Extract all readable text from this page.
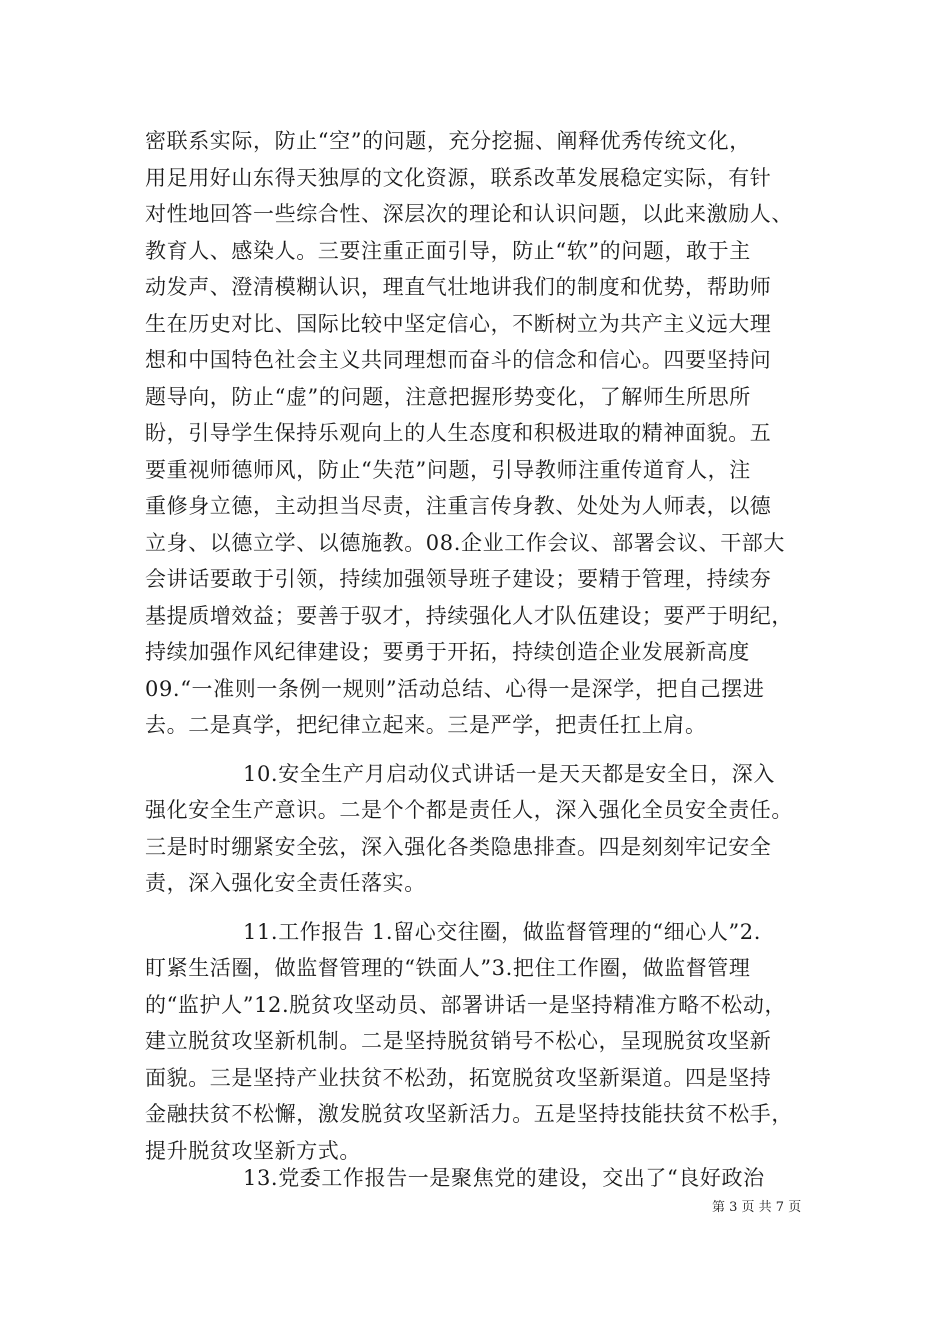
密联系实际，防止“空”的问题，充分挖掘、阐释优秀传统文化，
用足用好山东得天独厚的文化资源，联系改革发展稳定实际，有针
对性地回答一些综合性、深层次的理论和认识问题，以此来激励人、
教育人、感染人。三要注重正面引导，防止“软”的问题，敢于主
动发声、澄清模糊认识，理直气壮地讲我们的制度和优势，帮助师
生在历史对比、国际比较中坚定信心，不断树立为共产主义远大理
想和中国特色社会主义共同理想而奋斗的信念和信心。四要坚持问
题导向，防止“虚”的问题，注意把握形势变化，了解师生所思所
盼，引导学生保持乐观向上的人生态度和积极进取的精神面貌。五
要重视师德师风，防止“失范”问题，引导教师注重传道育人，注
重修身立德，主动担当尽责，注重言传身教、处处为人师表，以德
立身、以德立学、以德施教。08.企业工作会议、部署会议、干部大
会讲话要敢于引领，持续加强领导班子建设；要精于管理，持续夯
基提质增效益；要善于驭才，持续强化人才队伍建设；要严于明纪，
持续加强作风纪律建设；要勇于开拓，持续创造企业发展新高度
09.“一准则一条例一规则”活动总结、心得一是深学，把自己摆进
去。二是真学，把纪律立起来。三是严学，把责任扛上肩。
10.安全生产月启动仪式讲话一是天天都是安全日，深入
强化安全生产意识。二是个个都是责任人，深入强化全员安全责任。
三是时时绷紧安全弦，深入强化各类隐患排查。四是刻刻牢记安全
责，深入强化安全责任落实。
11.工作报告 1.留心交往圈，做监督管理的“细心人”2.
盯紧生活圈，做监督管理的“铁面人”3.把住工作圈，做监督管理
的“监护人”12.脱贫攻坚动员、部署讲话一是坚持精准方略不松动，
建立脱贫攻坚新机制。二是坚持脱贫销号不松心，呈现脱贫攻坚新
面貌。三是坚持产业扶贫不松劲，拓宽脱贫攻坚新渠道。四是坚持
金融扶贫不松懈，激发脱贫攻坚新活力。五是坚持技能扶贫不松手，
提升脱贫攻坚新方式。
13.党委工作报告一是聚焦党的建设，交出了“良好政治
第 3 页 共 7 页
